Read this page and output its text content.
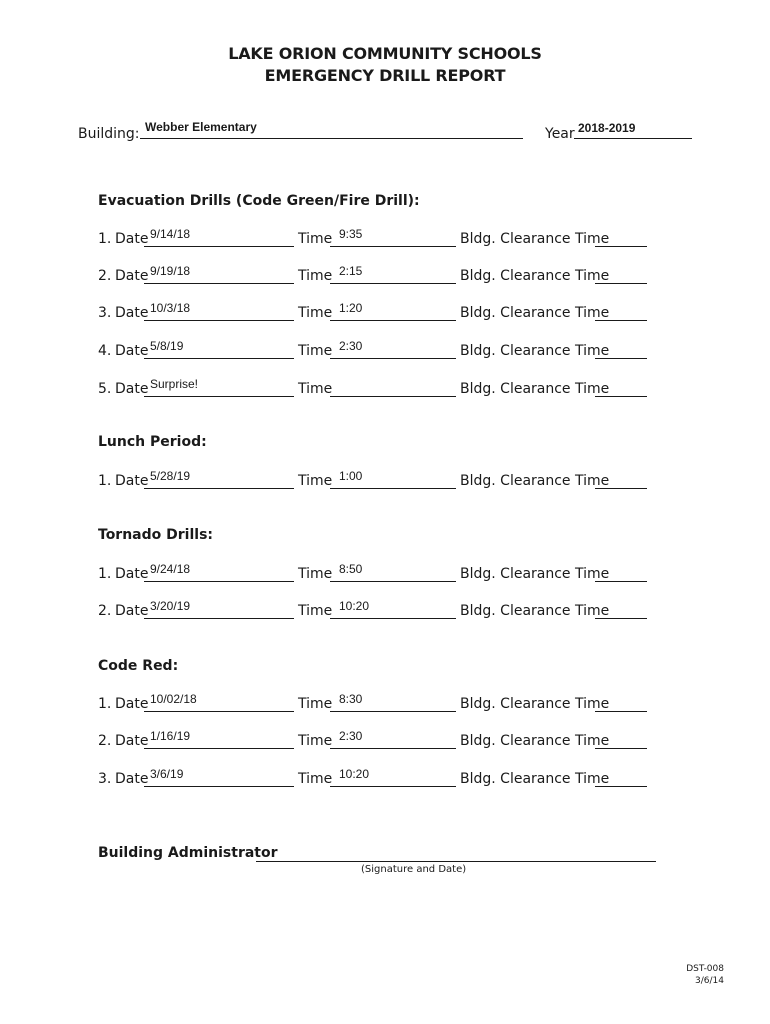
LAKE ORION COMMUNITY SCHOOLS
EMERGENCY DRILL REPORT
Building: Webber Elementary	Year 2018-2019
Evacuation Drills (Code Green/Fire Drill):
1. Date 9/14/18	Time 9:35	Bldg. Clearance Time
2. Date 9/19/18	Time 2:15	Bldg. Clearance Time
3. Date 10/3/18	Time 1:20	Bldg. Clearance Time
4. Date 5/8/19	Time 2:30	Bldg. Clearance Time
5. Date Surprise!	Time	Bldg. Clearance Time
Lunch Period:
1. Date 5/28/19	Time 1:00	Bldg. Clearance Time
Tornado Drills:
1. Date 9/24/18	Time 8:50	Bldg. Clearance Time
2. Date 3/20/19	Time 10:20	Bldg. Clearance Time
Code Red:
1. Date 10/02/18	Time 8:30	Bldg. Clearance Time
2. Date 1/16/19	Time 2:30	Bldg. Clearance Time
3. Date 3/6/19	Time 10:20	Bldg. Clearance Time
Building Administrator
(Signature and Date)
DST-008
3/6/14
